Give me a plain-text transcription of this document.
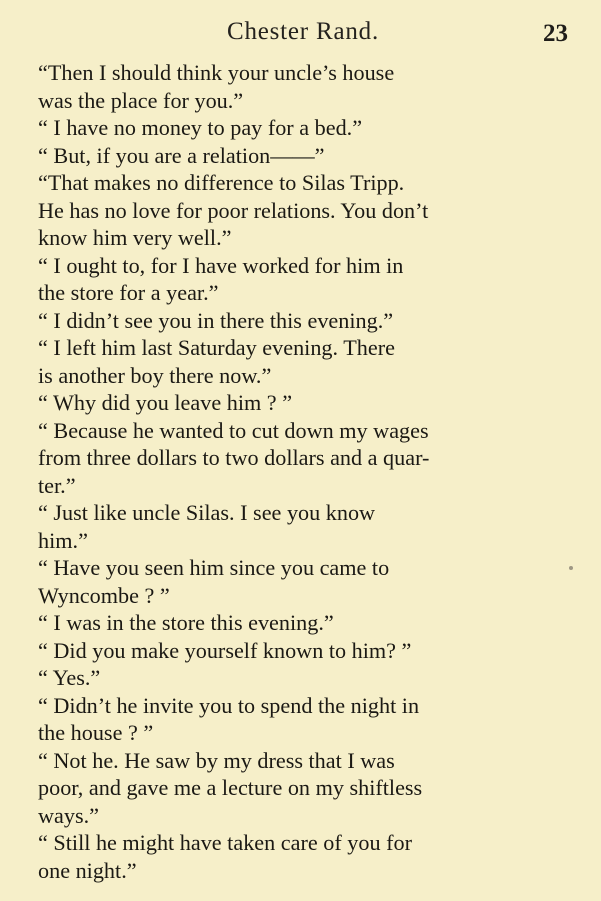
Chester Rand.	23

“Then I should think your uncle’s house
was the place for you.”

“ I have no money to pay for a bed.”

“ But, if you are a relation——”

“That makes no difference to Silas Tripp.
He has no love for poor relations. You don’t
know him very well.”

“ I ought to, for I have worked for him in
the store for a year.”

“ I didn’t see you in there this evening.”

“ I left him last Saturday evening. There
is another boy there now.”

“ Why did you leave him ? ”

“ Because he wanted to cut down my wages
from three dollars to two dollars and a quar-
ter.”

“ Just like uncle Silas. I see you know
him.”

“ Have you seen him since you came to
Wyncombe ? ”

“ I was in the store this evening.”

“ Did you make yourself known to him? ”

“ Yes.”

“ Didn’t he invite you to spend the night in
the house ? ”

“ Not he. He saw by my dress that I was
poor, and gave me a lecture on my shiftless
ways.”

“ Still he might have taken care of you for
one night.”
